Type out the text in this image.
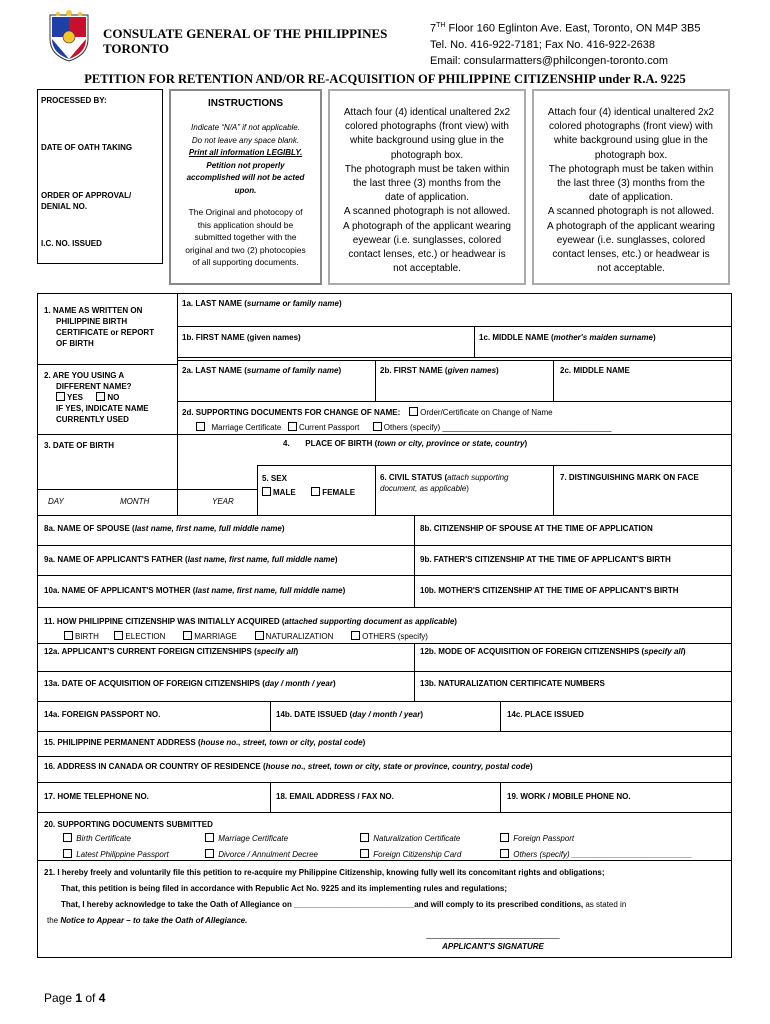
CONSULATE GENERAL OF THE PHILIPPINES
TORONTO
7TH Floor 160 Eglinton Ave. East, Toronto, ON M4P 3B5
Tel. No. 416-922-7181; Fax No. 416-922-2638
Email: consularmatters@philcongen-toronto.com
PETITION FOR RETENTION AND/OR RE-ACQUISITION OF PHILIPPINE CITIZENSHIP under R.A. 9225
PROCESSED BY:
DATE OF OATH TAKING
ORDER OF APPROVAL/
DENIAL NO.
I.C. NO. ISSUED
INSTRUCTIONS
Indicate “N/A” if not applicable.
Do not leave any space blank.
Print all information LEGIBLY.
Petition not properly
accomplished will not be acted
upon.
The Original and photocopy of
this application should be
submitted together with the
original and two (2) photocopies
of all supporting documents.
Attach four (4) identical unaltered 2x2
colored photographs (front view) with
white background using glue in the
photograph box.
The photograph must be taken within
the last three (3) months from the
date of application.
A scanned photograph is not allowed.
A photograph of the applicant wearing
eyewear (i.e. sunglasses, colored
contact lenses, etc.) or headwear is
not acceptable.
Attach four (4) identical unaltered 2x2
colored photographs (front view) with
white background using glue in the
photograph box.
The photograph must be taken within
the last three (3) months from the
date of application.
A scanned photograph is not allowed.
A photograph of the applicant wearing
eyewear (i.e. sunglasses, colored
contact lenses, etc.) or headwear is
not acceptable.
1. NAME AS WRITTEN ON
PHILIPPINE BIRTH
CERTIFICATE or REPORT
OF BIRTH
1a. LAST NAME (surname or family name)
1b. FIRST NAME (given names)	1c. MIDDLE NAME (mother's maiden surname)
2. ARE YOU USING A
DIFFERENT NAME?
YES	NO
IF YES, INDICATE NAME
CURRENTLY USED
2a. LAST NAME (surname of family name)	2b. FIRST NAME (given names)	2c. MIDDLE NAME
2d. SUPPORTING DOCUMENTS FOR CHANGE OF NAME: Order/Certificate on Change of Name
Marriage Certificate Current Passport	Others (specify) ______________________________________
3. DATE OF BIRTH	4. PLACE OF BIRTH (town or city, province or state, country)
DAY	MONTH	YEAR
5. SEX
MALE	FEMALE
6. CIVIL STATUS (attach supporting
document, as applicable)
7. DISTINGUISHING MARK ON FACE
8a. NAME OF SPOUSE (last name, first name, full middle name)	8b. CITIZENSHIP OF SPOUSE AT THE TIME OF APPLICATION
9a. NAME OF APPLICANT'S FATHER (last name, first name, full middle name)	9b. FATHER'S CITIZENSHIP AT THE TIME OF APPLICANT'S BIRTH
10a. NAME OF APPLICANT'S MOTHER (last name, first name, full middle name)	10b. MOTHER'S CITIZENSHIP AT THE TIME OF APPLICANT'S BIRTH
11. HOW PHILIPPINE CITIZENSHIP WAS INITIALLY ACQUIRED (attached supporting document as applicable)
BIRTH	ELECTION	MARRIAGE	NATURALIZATION	OTHERS (specify)
12a. APPLICANT'S CURRENT FOREIGN CITIZENSHIPS (specify all)	12b. MODE OF ACQUISITION OF FOREIGN CITIZENSHIPS (specify all)
13a. DATE OF ACQUISITION OF FOREIGN CITIZENSHIPS (day / month / year)	13b. NATURALIZATION CERTIFICATE NUMBERS
14a. FOREIGN PASSPORT NO.	14b. DATE ISSUED (day / month / year)	14c. PLACE ISSUED
15. PHILIPPINE PERMANENT ADDRESS (house no., street, town or city, postal code)
16. ADDRESS IN CANADA OR COUNTRY OF RESIDENCE (house no., street, town or city, state or province, country, postal code)
17. HOME TELEPHONE NO.	18. EMAIL ADDRESS / FAX NO.	19. WORK / MOBILE PHONE NO.
20. SUPPORTING DOCUMENTS SUBMITTED
Birth Certificate	Marriage Certificate	Naturalization Certificate	Foreign Passport
Latest Philippine Passport	Divorce / Annulment Decree	Foreign Citizenship Card	Others (specify) ___________________________
21. I hereby freely and voluntarily file this petition to re-acquire my Philippine Citizenship, knowing fully well its concomitant rights and obligations;
That, this petition is being filed in accordance with Republic Act No. 9225 and its implementing rules and regulations;
That, I hereby acknowledge to take the Oath of Allegiance on ___________________________and will comply to its prescribed conditions, as stated in
the Notice to Appear – to take the Oath of Allegiance.
______________________________
APPLICANT'S SIGNATURE
Page 1 of 4
